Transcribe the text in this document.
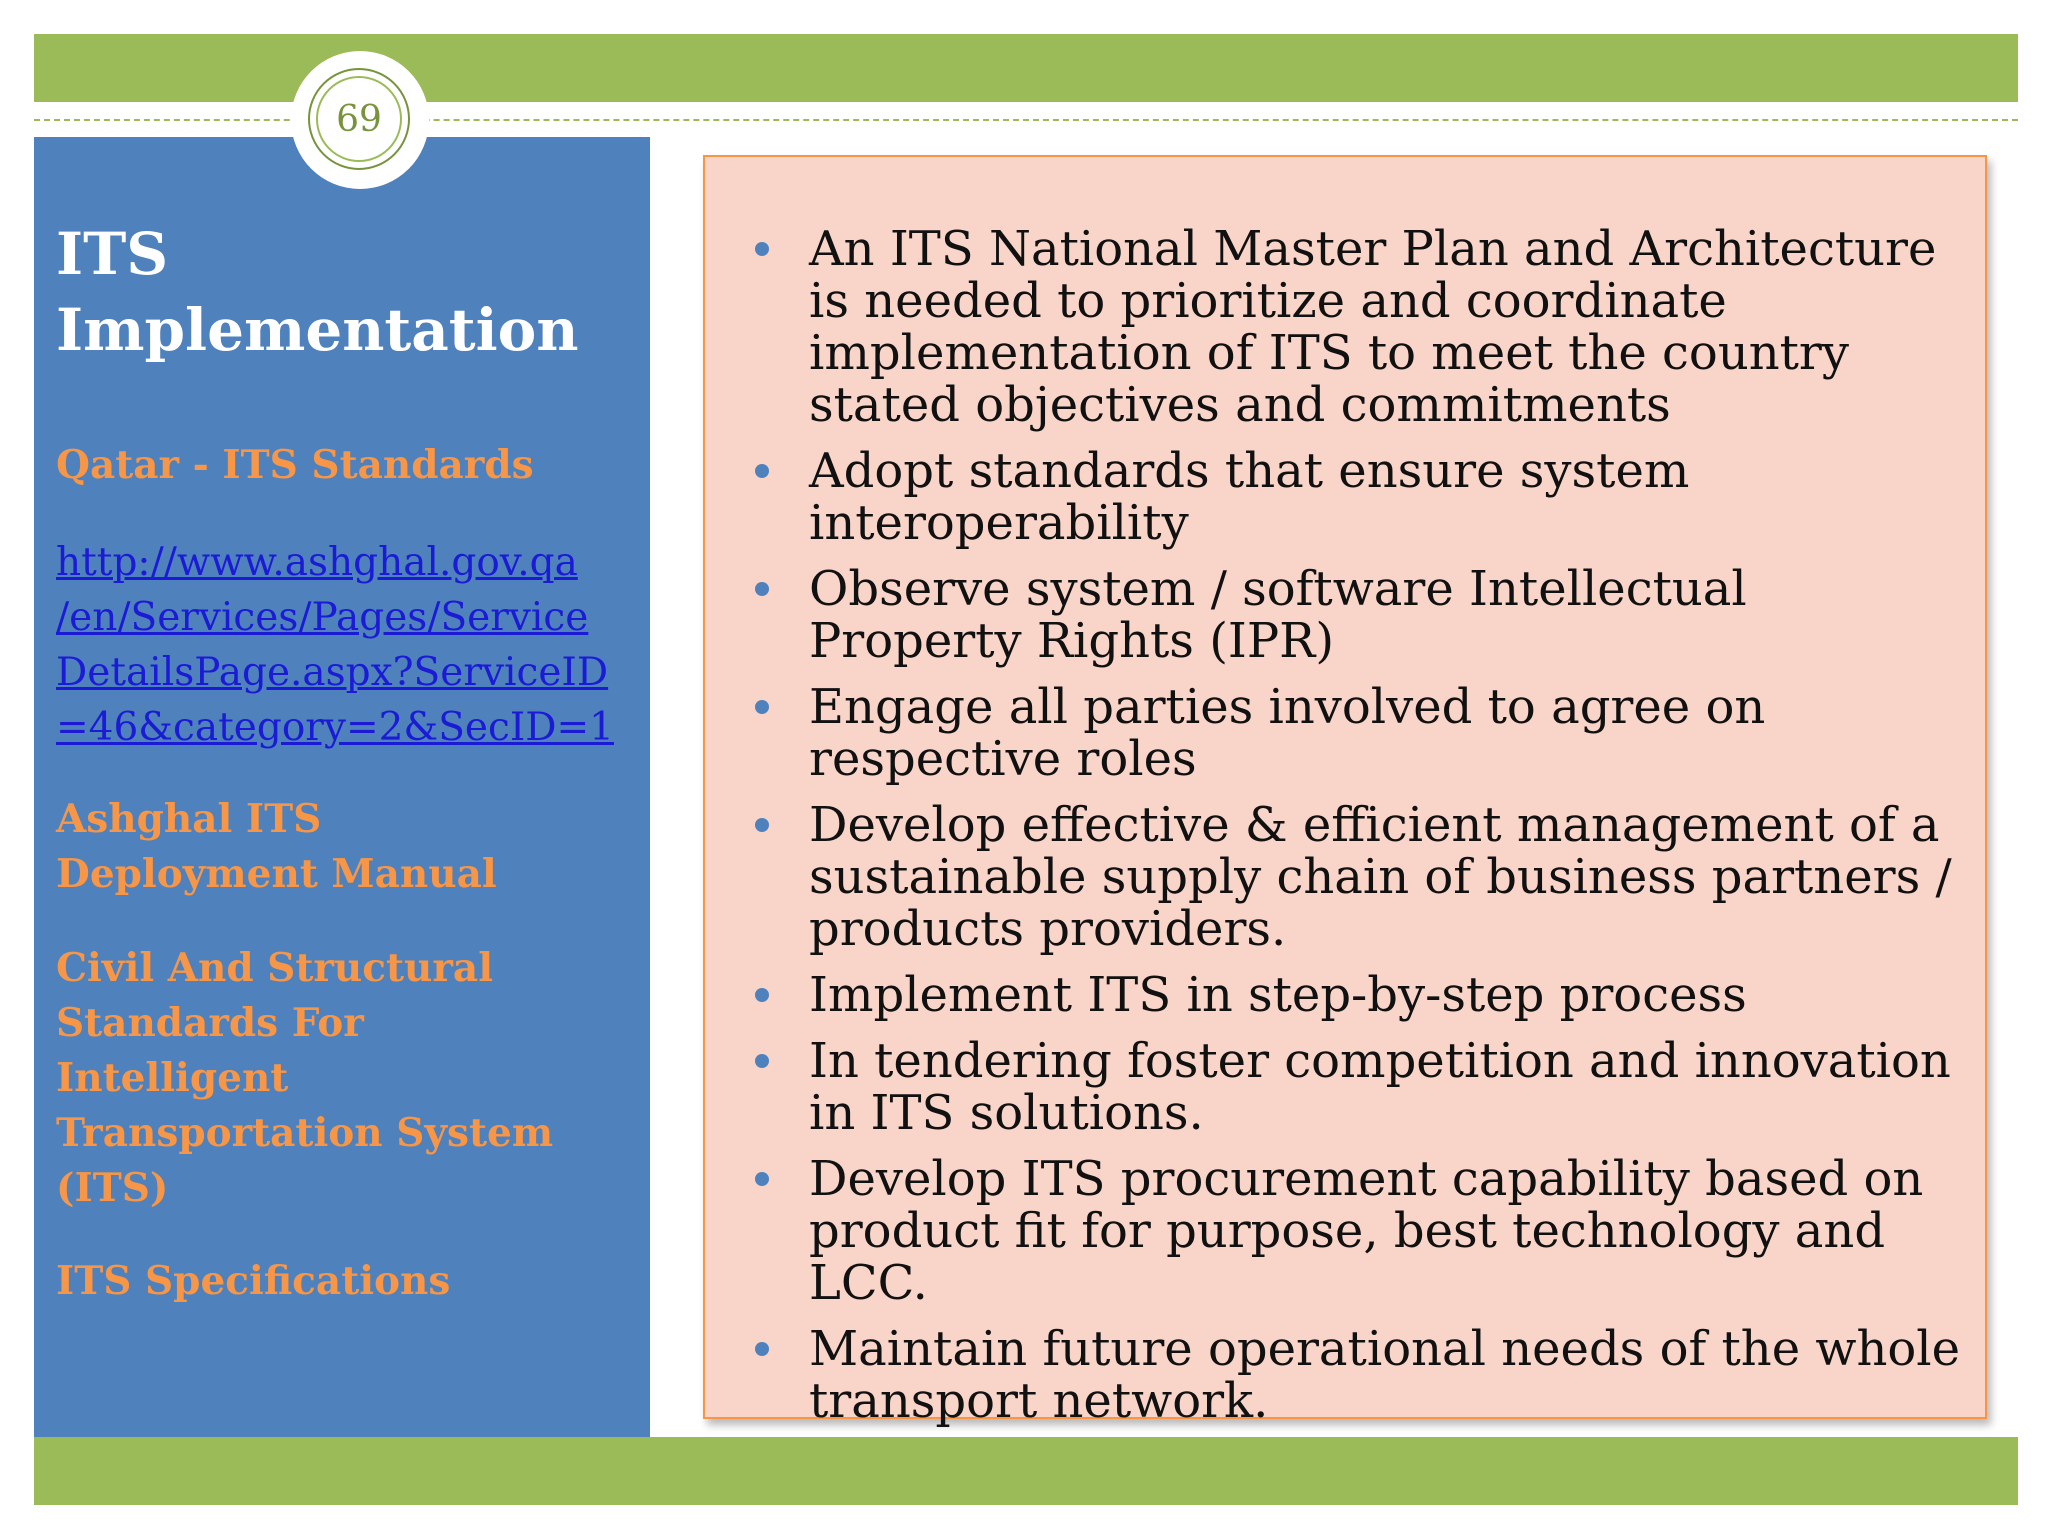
69
ITS
Implementation
Qatar - ITS Standards
http://www.ashghal.gov.qa
/en/Services/Pages/Service
DetailsPage.aspx?ServiceID
=46&category=2&SecID=1
Ashghal ITS
Deployment Manual
Civil And Structural
Standards For
Intelligent
Transportation System
(ITS)
ITS Specifications
An ITS National Master Plan and Architecture is needed to prioritize and coordinate implementation of ITS to meet the country stated objectives and commitments
Adopt standards that ensure system interoperability
Observe system / software Intellectual Property Rights (IPR)
Engage all parties involved to agree on respective roles
Develop effective & efficient management of a sustainable supply chain of business partners / products providers.
Implement ITS in step-by-step process
In tendering foster competition and innovation in ITS solutions.
Develop ITS procurement capability based on product fit for purpose, best technology and LCC.
Maintain future operational needs of the whole transport network.
